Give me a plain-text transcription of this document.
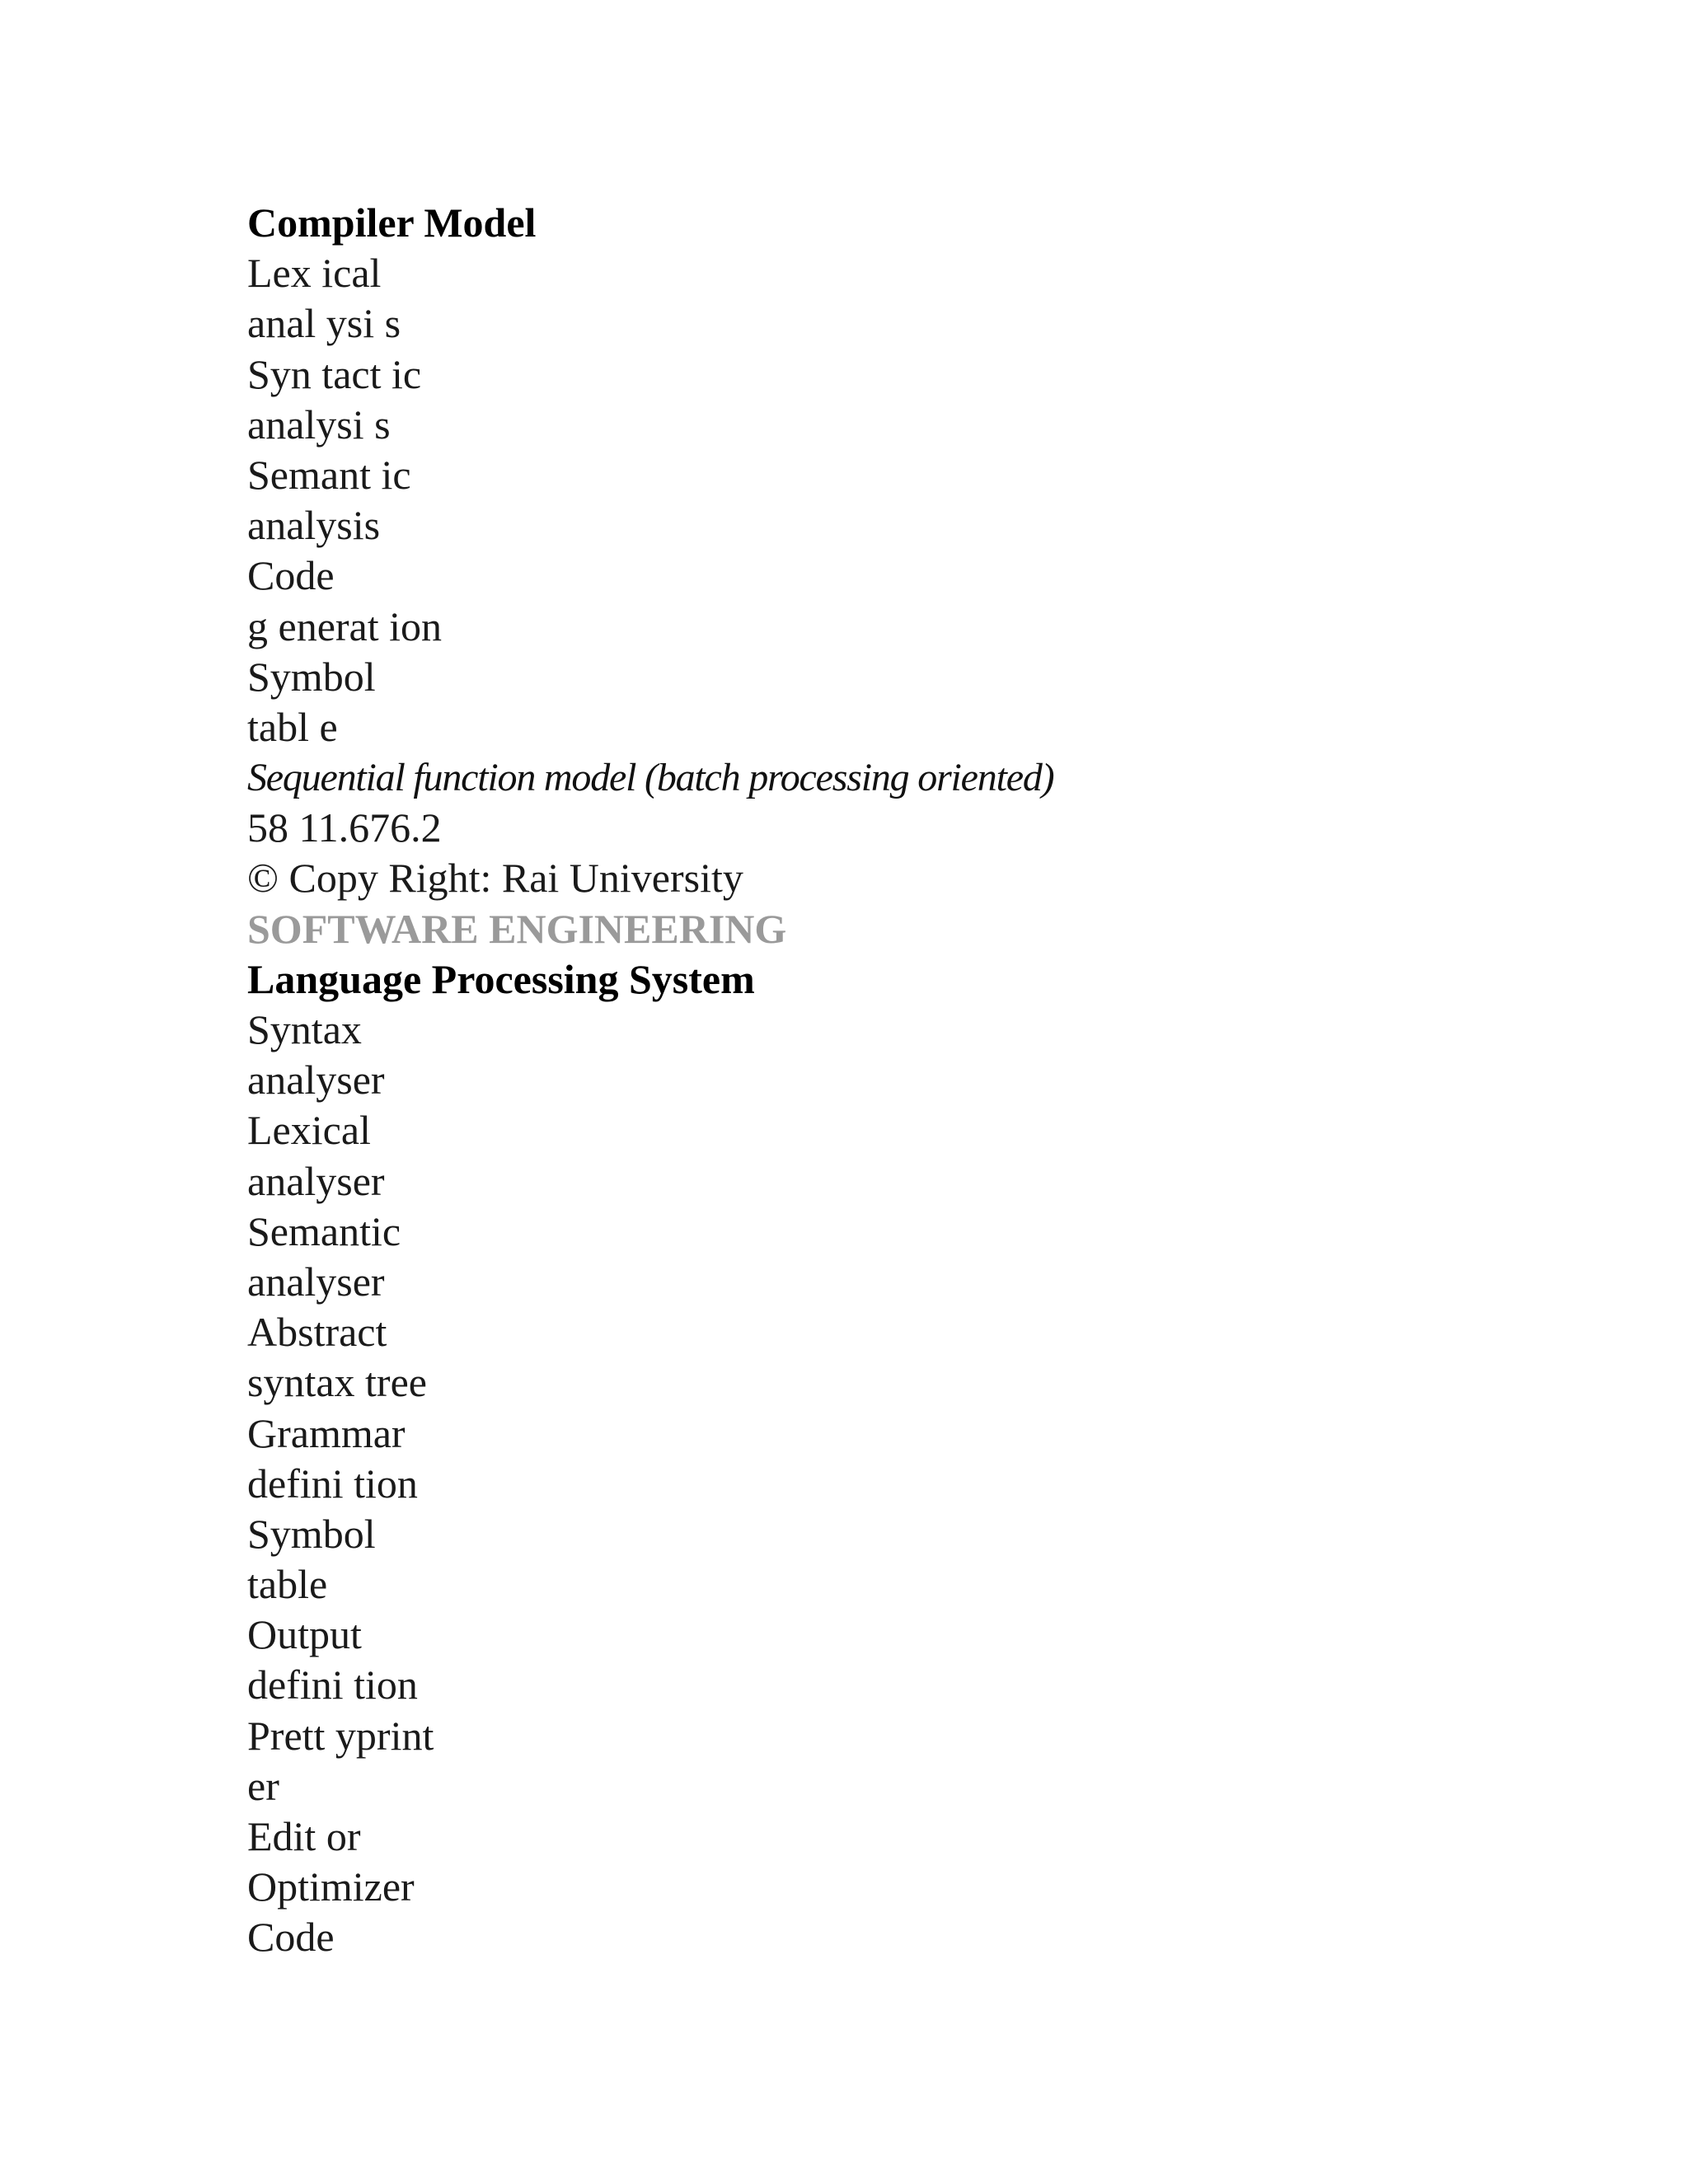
Compiler Model
Lex ical
anal ysi s
Syn tact ic
analysi s
Semant ic
analysis
Code
g enerat ion
Symbol
tabl e
Sequential function model (batch processing oriented)
58 11.676.2
© Copy Right: Rai University
SOFTWARE ENGINEERING
Language Processing System
Syntax
analyser
Lexical
analyser
Semantic
analyser
Abstract
syntax tree
Grammar
defini tion
Symbol
table
Output
defini tion
Prett yprint
er
Edit or
Optimizer
Code
